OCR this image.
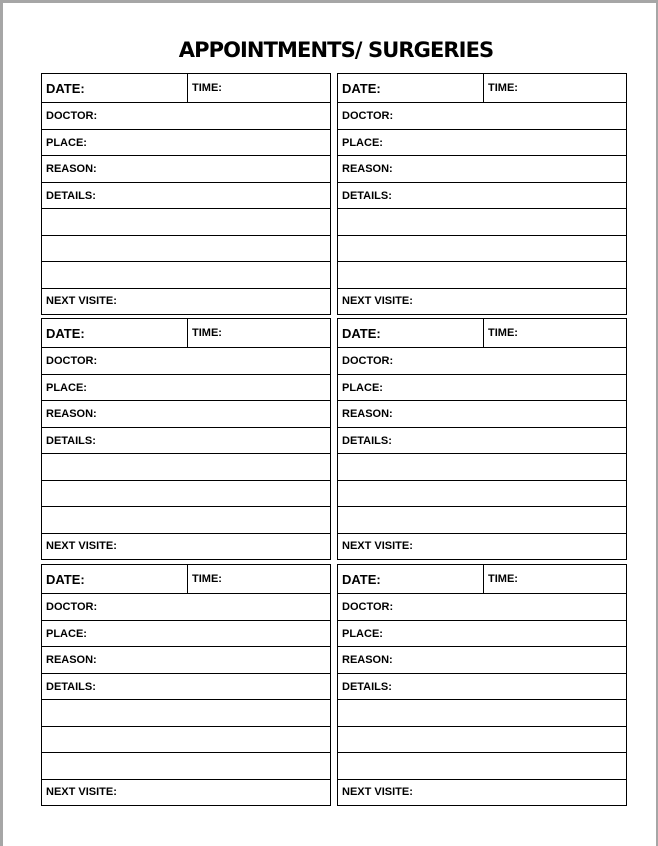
APPOINTMENTS/ SURGERIES
DATE:	TIME:
DOCTOR:
PLACE:
REASON:
DETAILS:
NEXT VISITE:
DATE:	TIME:
DOCTOR:
PLACE:
REASON:
DETAILS:
NEXT VISITE:
DATE:	TIME:
DOCTOR:
PLACE:
REASON:
DETAILS:
NEXT VISITE:
DATE:	TIME:
DOCTOR:
PLACE:
REASON:
DETAILS:
NEXT VISITE:
DATE:	TIME:
DOCTOR:
PLACE:
REASON:
DETAILS:
NEXT VISITE:
DATE:	TIME:
DOCTOR:
PLACE:
REASON:
DETAILS:
NEXT VISITE:
